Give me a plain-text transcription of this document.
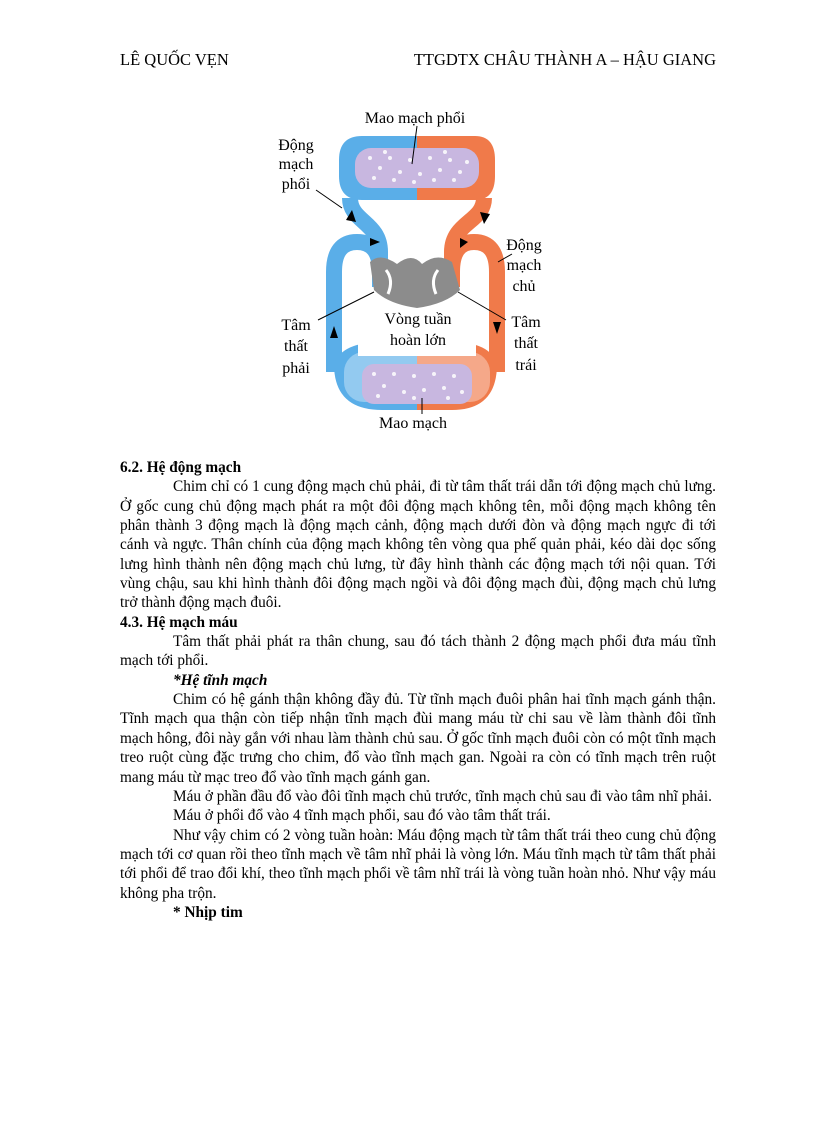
LÊ QUỐC VẸN	TTGDTX CHÂU THÀNH A – HẬU GIANG
Mao mạch phổi
Động
mạch
phổi
Động
mạch
chủ
Tâm
thất
phải
Tâm
thất
trái
Vòng tuần
hoàn lớn
Mao mạch

6.2. Hệ động mạch

Chim chỉ có 1 cung động mạch chủ phải, đi từ tâm thất trái dẫn tới động mạch chủ lưng. Ở gốc cung chủ động mạch phát ra một đôi động mạch không tên, mỗi động mạch không tên phân thành 3 động mạch là động mạch cảnh, động mạch dưới đòn và động mạch ngực đi tới cánh và ngực. Thân chính của động mạch không tên vòng qua phế quản phải, kéo dài dọc sống lưng hình thành nên động mạch chủ lưng, từ đây hình thành các động mạch tới nội quan. Tới vùng chậu, sau khi hình thành đôi động mạch ngồi và đôi động mạch đùi, động mạch chủ lưng trở thành động mạch đuôi.

4.3. Hệ mạch máu

Tâm thất phải phát ra thân chung, sau đó tách thành 2 động mạch phổi đưa máu tĩnh mạch tới phổi.

*Hệ tĩnh mạch

Chim có hệ gánh thận không đầy đủ. Từ tĩnh mạch đuôi phân hai tĩnh mạch gánh thận. Tĩnh mạch qua thận còn tiếp nhận tĩnh mạch đùi mang máu từ chi sau về làm thành đôi tĩnh mạch hông, đôi này gắn với nhau làm thành chủ sau. Ở gốc tĩnh mạch đuôi còn có một tĩnh mạch treo ruột cùng đặc trưng cho chim, đổ vào tĩnh mạch gan. Ngoài ra còn có tĩnh mạch trên ruột mang máu từ mạc treo đổ vào tĩnh mạch gánh gan.

Máu ở phần đầu đổ vào đôi tĩnh mạch chủ trước, tĩnh mạch chủ sau đi vào tâm nhĩ phải.

Máu ở phổi đổ vào 4 tĩnh mạch phổi, sau đó vào tâm thất trái.

Như vậy chim có 2 vòng tuần hoàn: Máu động mạch từ tâm thất trái theo cung chủ động mạch tới cơ quan rồi theo tĩnh mạch về tâm nhĩ phải là vòng lớn. Máu tĩnh mạch từ tâm thất phải tới phổi để trao đổi khí, theo tĩnh mạch phổi về tâm nhĩ trái là vòng tuần hoàn nhỏ. Như vậy máu không pha trộn.

* Nhịp tim
